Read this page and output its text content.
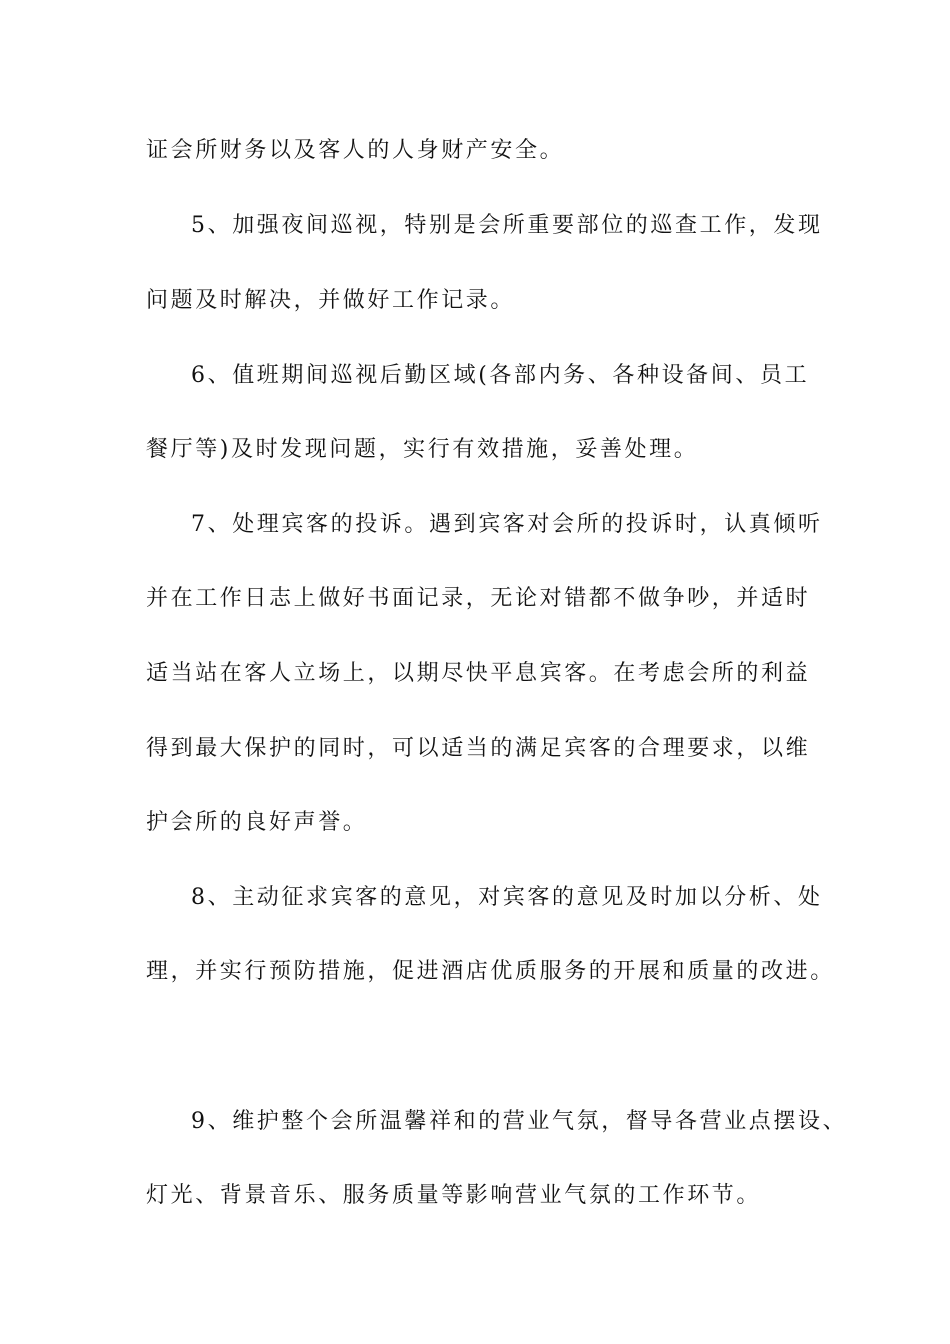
证会所财务以及客人的人身财产安全。
5、加强夜间巡视，特别是会所重要部位的巡查工作，发现
问题及时解决，并做好工作记录。
6、值班期间巡视后勤区域(各部内务、各种设备间、员工
餐厅等)及时发现问题，实行有效措施，妥善处理。
7、处理宾客的投诉。遇到宾客对会所的投诉时，认真倾听
并在工作日志上做好书面记录，无论对错都不做争吵，并适时
适当站在客人立场上，以期尽快平息宾客。在考虑会所的利益
得到最大保护的同时，可以适当的满足宾客的合理要求，以维
护会所的良好声誉。
8、主动征求宾客的意见，对宾客的意见及时加以分析、处
理，并实行预防措施，促进酒店优质服务的开展和质量的改进。
9、维护整个会所温馨祥和的营业气氛，督导各营业点摆设、
灯光、背景音乐、服务质量等影响营业气氛的工作环节。
